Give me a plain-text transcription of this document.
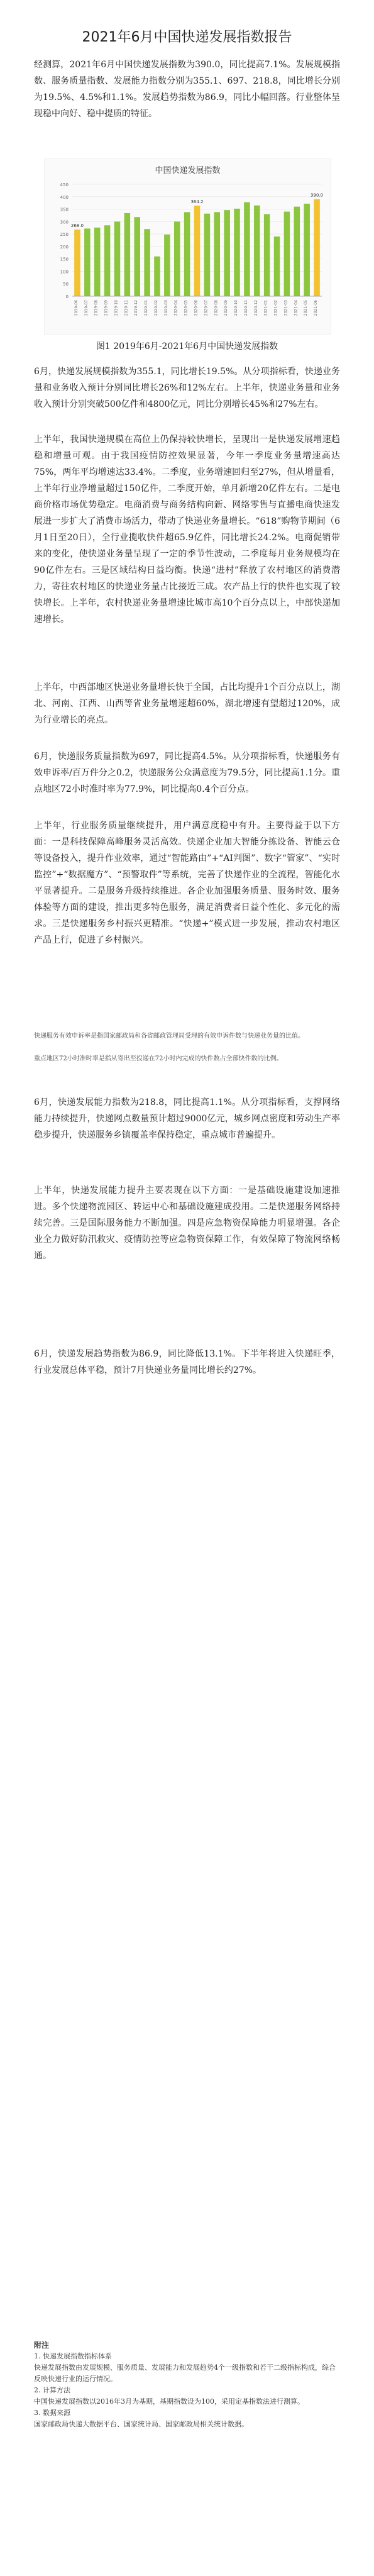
2021年6月中国快递发展指数报告
经测算，2021年6月中国快递发展指数为390.0，同比提高7.1%。发展规模指数、服务质量指数、发展能力指数分别为355.1、697、218.8，同比增长分别为19.5%、4.5%和1.1%。发展趋势指数为86.9，同比小幅回落。行业整体呈现稳中向好、稳中提质的特征。
中国快递发展指数
0
50
100
150
200
250
300
350
400
450
268.0
2019-06 2019-07 2019-08 2019-09 2019-10 2019-11 2019-12 2020-01 2020-02 2020-03 2020-04 2020-05
364.2
2020-06 2020-07 2020-08 2020-09 2020-10 2020-11 2020-12 2021-01 2021-02 2021-03 2021-04 2021-05
390.0
2021-06
图1 2019年6月-2021年6月中国快递发展指数
6月，快递发展规模指数为355.1，同比增长19.5%。从分项指标看，快递业务量和业务收入预计分别同比增长26%和12%左右。上半年，快递业务量和业务收入预计分别突破500亿件和4800亿元，同比分别增长45%和27%左右。
上半年，我国快递规模在高位上仍保持较快增长，呈现出一是快递发展增速趋稳和增量可观。由于我国疫情防控效果显著，今年一季度业务量增速高达75%，两年平均增速达33.4%。二季度，业务增速回归至27%，但从增量看，上半年行业净增量超过150亿件，二季度开始，单月新增20亿件左右。二是电商价格市场优势稳定。电商消费与商务结构向新、网络零售与直播电商快速发展进一步扩大了消费市场活力，带动了快递业务量增长。“618”购物节期间（6月1日至20日），全行业揽收快件超65.9亿件，同比增长24.2%。电商促销带来的变化，使快递业务量呈现了一定的季节性波动，二季度每月业务规模均在90亿件左右。三是区域结构日益均衡。快递“进村”释放了农村地区的消费潜力，寄往农村地区的快递业务量占比接近三成。农产品上行的快件也实现了较快增长。上半年，农村快递业务量增速比城市高10个百分点以上，中部快递加速增长。
上半年，中西部地区快递业务量增长快于全国，占比均提升1个百分点以上，湖北、河南、江西、山西等省业务量增速超60%，湖北增速有望超过120%，成为行业增长的亮点。
6月，快递服务质量指数为697，同比提高4.5%。从分项指标看，快递服务有效申诉率/百万件分之0.2，快递服务公众满意度为79.5分，同比提高1.1分。重点地区72小时准时率为77.9%，同比提高0.4个百分点。
上半年，行业服务质量继续提升，用户满意度稳中有升。主要得益于以下方面：一是科技保障高峰服务灵活高效。快递企业加大智能分拣设备、智能云仓等设备投入，提升作业效率，通过“智能路由”+“AI判图”、数字“管家”、“实时监控”+“数据魔方”、“预警取件”等系统，完善了快递作业的全流程，智能化水平显著提升。二是服务升级持续推进。各企业加强服务质量、服务时效、服务体验等方面的建设，推出更多特色服务，满足消费者日益个性化、多元化的需求。三是快递服务乡村振兴更精准。“快递+”模式进一步发展，推动农村地区产品上行，促进了乡村振兴。
快递服务有效申诉率是指国家邮政局和各省邮政管理局受理的有效申诉件数与快递业务量的比值。
重点地区72小时准时率是指从寄出至投递在72小时内完成的快件数占全部快件数的比例。
6月，快递发展能力指数为218.8，同比提高1.1%。从分项指标看，支撑网络能力持续提升，快递网点数量预计超过9000亿元，城乡网点密度和劳动生产率稳步提升，快递服务乡镇覆盖率保持稳定，重点城市普遍提升。
上半年，快递发展能力提升主要表现在以下方面：一是基础设施建设加速推进。多个快递物流园区、转运中心和基础设施建成投用。二是快递服务网络持续完善。三是国际服务能力不断加强。四是应急物资保障能力明显增强。各企业全力做好防汛救灾、疫情防控等应急物资保障工作，有效保障了物流网络畅通。
6月，快递发展趋势指数为86.9，同比降低13.1%。下半年将进入快递旺季，行业发展总体平稳，预计7月快递业务量同比增长约27%。
附注
1. 快递发展指数指标体系
快递发展指数由发展规模、服务质量、发展能力和发展趋势4个一级指数和若干二级指标构成，综合反映快递行业的运行情况。
2. 计算方法
中国快递发展指数以2016年3月为基期，基期指数设为100，采用定基指数法进行测算。
3. 数据来源
国家邮政局快递大数据平台、国家统计局、国家邮政局相关统计数据。
